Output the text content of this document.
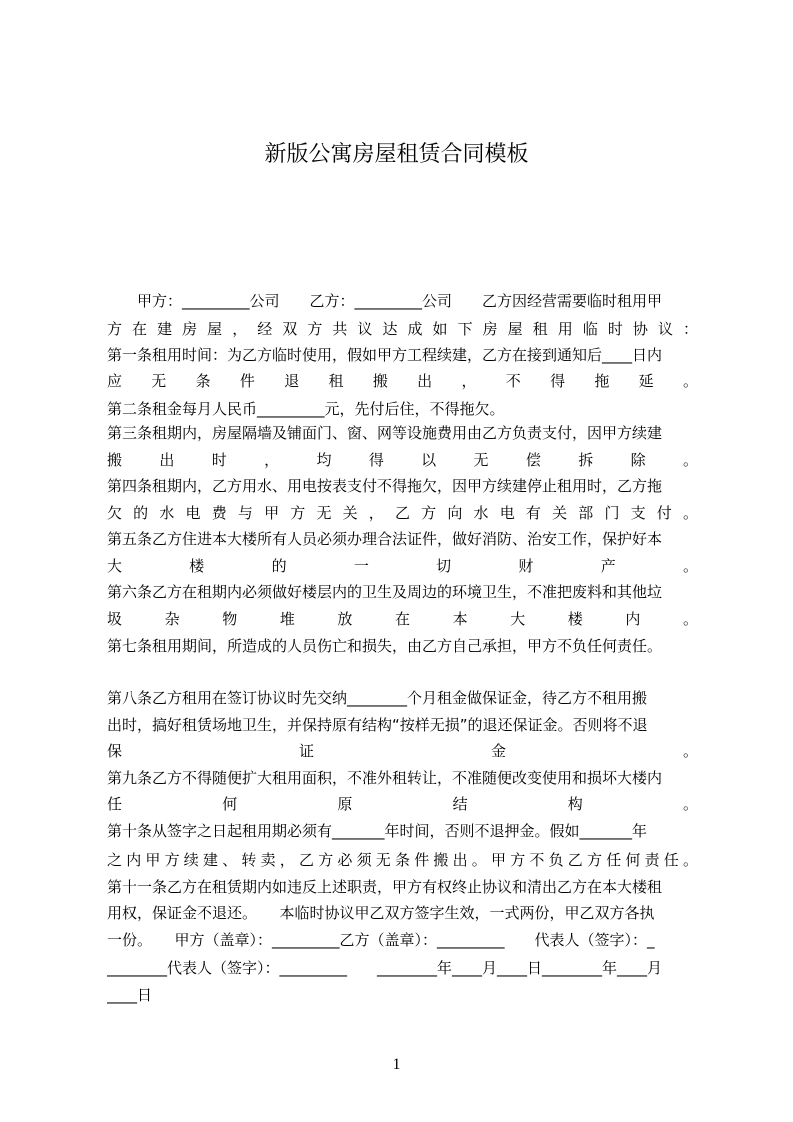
新版公寓房屋租赁合同模板
　　甲方：_________公司　　乙方：_________公司　　乙方因经营需要临时租用甲
方在建房屋，经双方共议达成如下房屋租用临时协议：
第一条租用时间：为乙方临时使用，假如甲方工程续建，乙方在接到通知后____日内
应 无 条 件 退 租 搬 出 ， 不 得 拖 延 。
第二条租金每月人民币_________元，先付后住，不得拖欠。
第三条租期内，房屋隔墙及铺面门、窗、网等设施费用由乙方负责支付，因甲方续建
搬 出 时 ， 均 得 以 无 偿 拆 除 。
第四条租期内，乙方用水、用电按表支付不得拖欠，因甲方续建停止租用时，乙方拖
欠的水电费与甲方无关，乙方向水电有关部门支付。
第五条乙方住进本大楼所有人员必须办理合法证件，做好消防、治安工作，保护好本
大 楼 的 一 切 财 产 。
第六条乙方在租期内必须做好楼层内的卫生及周边的环境卫生，不准把废料和其他垃
圾 杂 物 堆 放 在 本 大 楼 内 。
第七条租用期间，所造成的人员伤亡和损失，由乙方自己承担，甲方不负任何责任。
第八条乙方租用在签订协议时先交纳________个月租金做保证金，待乙方不租用搬
出时，搞好租赁场地卫生，并保持原有结构“按样无损”的退还保证金。否则将不退
保 证 金 。
第九条乙方不得随便扩大租用面积，不准外租转让，不准随便改变使用和损坏大楼内
任 何 原 结 构 。
第十条从签字之日起租用期必须有_______年时间，否则不退押金。假如_______年
之内甲方续建、转卖，乙方必须无条件搬出。甲方不负乙方任何责任。
第十一条乙方在租赁期内如违反上述职责，甲方有权终止协议和清出乙方在本大楼租
用权，保证金不退还。　　本临时协议甲乙双方签字生效，一式两份，甲乙双方各执
一份。　　甲方（盖章）：_________乙方（盖章）：_________　　代表人（签字）：_
________代表人（签字）：_________　　________年____月____日________年____月
____日
1
